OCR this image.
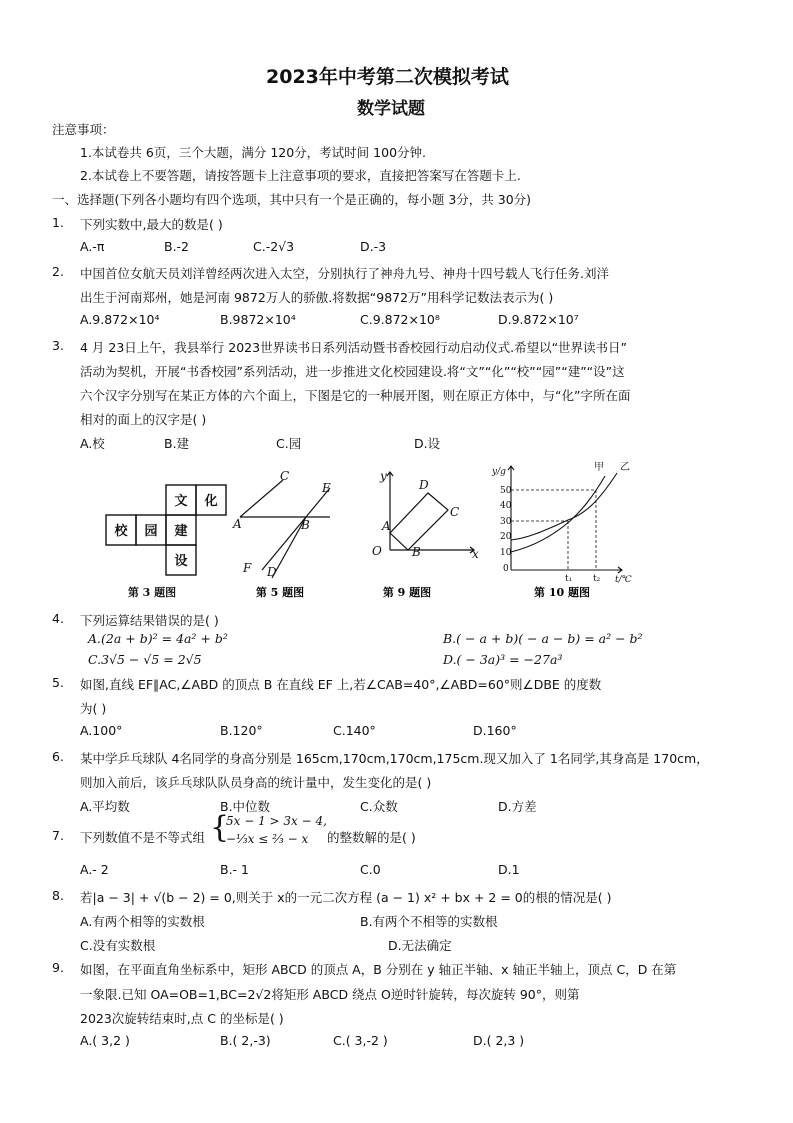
2023年中考第二次模拟考试
数学试题
注意事项：
1.本试卷共 6页，三个大题，满分 120分，考试时间 100分钟.
2.本试卷上不要答题，请按答题卡上注意事项的要求，直接把答案写在答题卡上.
一、选择题(下列各小题均有四个选项，其中只有一个是正确的，每小题 3分，共 30分)
1. 下列实数中,最大的数是( )
A.-π	B.-2	C.-2√3	D.-3
2. 中国首位女航天员刘洋曾经两次进入太空，分别执行了神舟九号、神舟十四号载人飞行任务.刘洋
出生于河南郑州，她是河南 9872万人的骄傲.将数据“9872万”用科学记数法表示为( )
A.9.872×10⁴	B.9872×10⁴	C.9.872×10⁸	D.9.872×10⁷
3. 4 月 23日上午，我县举行 2023世界读书日系列活动暨书香校园行动启动仪式.希望以“世界读书日”
活动为契机，开展“书香校园”系列活动，进一步推进文化校园建设.将“文”“化”“校”“园”“建”“设”这
六个汉字分别写在某正方体的六个面上，下图是它的一种展开图，则在原正方体中，与“化”字所在面
相对的面上的汉字是( )
A.校	B.建	C.园	D.设
文 化
校 园 建
设
第 3 题图
C
E
A	B
F D
第 5 题图
y
D
C
A
O	B	x
第 9 题图
y/g
50
40
30
20
10
0
t₁ t₂ t/℃
甲 乙
第 10 题图
4. 下列运算结果错误的是( )
A.(2a + b)² = 4a² + b²	B.( − a + b)( − a − b) = a² − b²
C.3√5 − √5 = 2√5	D.( − 3a)³ = −27a³
5. 如图,直线 EF∥AC,∠ABD 的顶点 B 在直线 EF 上,若∠CAB=40°,∠ABD=60°则∠DBE 的度数
为( )
A.100°	B.120°	C.140°	D.160°
6. 某中学乒乓球队 4名同学的身高分别是 165cm,170cm,170cm,175cm.现又加入了 1名同学,其身高是 170cm，
则加入前后，该乒乓球队队员身高的统计量中，发生变化的是( )
A.平均数	B.中位数	C.众数	D.方差
7. 下列数值不是不等式组 {
5x − 1 > 3x − 4,
−⅓x ≤ ⅔ − x 的整数解的是( )
A.- 2	B.- 1	C.0	D.1
8. 若|a − 3| + √(b − 2) = 0,则关于 x的一元二次方程 (a − 1) x² + bx + 2 = 0的根的情况是( )
A.有两个相等的实数根	B.有两个不相等的实数根
C.没有实数根	D.无法确定
9. 如图，在平面直角坐标系中，矩形 ABCD 的顶点 A，B 分别在 y 轴正半轴、x 轴正半轴上，顶点 C，D 在第
一象限.已知 OA=OB=1,BC=2√2将矩形 ABCD 绕点 O逆时针旋转，每次旋转 90°，则第
2023次旋转结束时,点 C 的坐标是( )
A.( 3,2 )	B.( 2,-3)	C.( 3,-2 )	D.( 2,3 )
